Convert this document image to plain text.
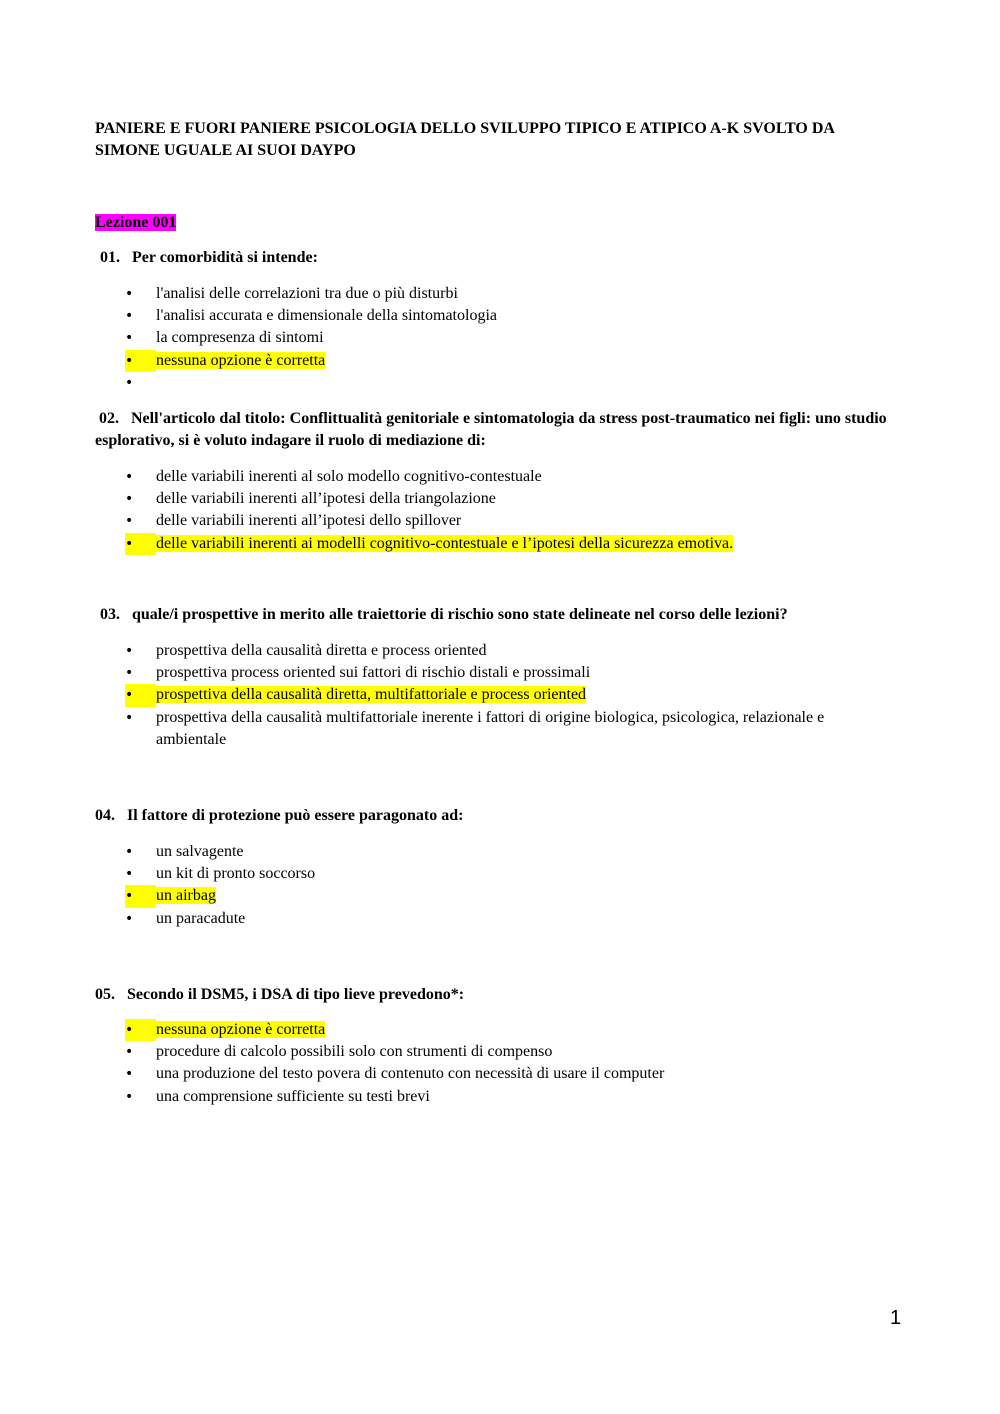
PANIERE E FUORI PANIERE PSICOLOGIA DELLO SVILUPPO TIPICO E ATIPICO A-K SVOLTO DA SIMONE UGUALE AI SUOI DAYPO
Lezione 001
01. Per comorbidità si intende:
•
l'analisi delle correlazioni tra due o più disturbi
•
l'analisi accurata e dimensionale della sintomatologia
•
la compresenza di sintomi
•
nessuna opzione è corretta
•

02. Nell'articolo dal titolo: Conflittualità genitoriale e sintomatologia da stress post-traumatico nei figli: uno studio esplorativo, si è voluto indagare il ruolo di mediazione di:
•
delle variabili inerenti al solo modello cognitivo-contestuale
•
delle variabili inerenti all’ipotesi della triangolazione
•
delle variabili inerenti all’ipotesi dello spillover
•
delle variabili inerenti ai modelli cognitivo-contestuale e l’ipotesi della sicurezza emotiva.
03. quale/i prospettive in merito alle traiettorie di rischio sono state delineate nel corso delle lezioni?
•
prospettiva della causalità diretta e process oriented
•
prospettiva process oriented sui fattori di rischio distali e prossimali
•
prospettiva della causalità diretta, multifattoriale e process oriented
•
prospettiva della causalità multifattoriale inerente i fattori di origine biologica, psicologica, relazionale e ambientale
04. Il fattore di protezione può essere paragonato ad:
•
un salvagente
•
un kit di pronto soccorso
•
un airbag
•
un paracadute
05. Secondo il DSM5, i DSA di tipo lieve prevedono*:
•
nessuna opzione è corretta
•
procedure di calcolo possibili solo con strumenti di compenso
•
una produzione del testo povera di contenuto con necessità di usare il computer
•
una comprensione sufficiente su testi brevi
1
